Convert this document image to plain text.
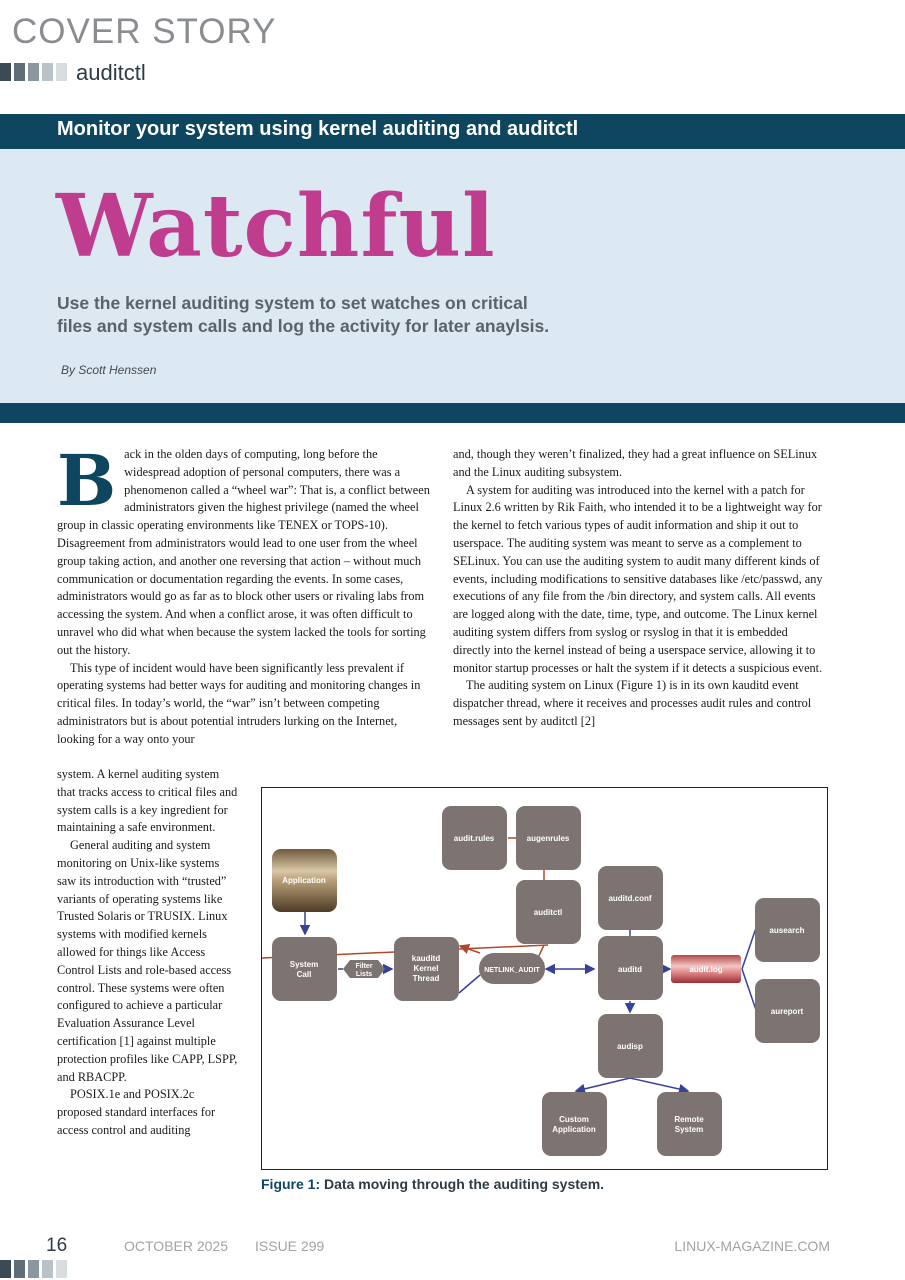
COVER STORY
auditctl
Monitor your system using kernel auditing and auditctl
Watchful
Use the kernel auditing system to set watches on critical files and system calls and log the activity for later anaylsis.
By Scott Henssen
B ack in the olden days of computing, long before the widespread adoption of personal computers, there was a phenomenon called a “wheel war”: That is, a conflict between administrators given the highest privilege (named the wheel group in classic operating environments like TENEX or TOPS-10). Disagreement from administrators would lead to one user from the wheel group taking action, and another one reversing that action – without much communication or documentation regarding the events. In some cases, administrators would go as far as to block other users or rivaling labs from accessing the system. And when a conflict arose, it was often difficult to unravel who did what when because the system lacked the tools for sorting out the history.

This type of incident would have been significantly less prevalent if operating systems had better ways for auditing and monitoring changes in critical files. In today’s world, the “war” isn’t between competing administrators but is about potential intruders lurking on the Internet, looking for a way onto your

system. A kernel auditing system that tracks access to critical files and system calls is a key ingredient for maintaining a safe environment.

General auditing and system monitoring on Unix-like systems saw its introduction with “trusted” variants of operating systems like Trusted Solaris or TRUSIX. Linux systems with modified kernels allowed for things like Access Control Lists and role-based access control. These systems were often configured to achieve a particular Evaluation Assurance Level certification [1] against multiple protection profiles like CAPP, LSPP, and RBACPP.

POSIX.1e and POSIX.2c proposed standard interfaces for access control and auditing

and, though they weren’t finalized, they had a great influence on SELinux and the Linux auditing subsystem.

A system for auditing was introduced into the kernel with a patch for Linux 2.6 written by Rik Faith, who intended it to be a lightweight way for the kernel to fetch various types of audit information and ship it out to userspace. The auditing system was meant to serve as a complement to SELinux. You can use the auditing system to audit many different kinds of events, including modifications to sensitive databases like /etc/passwd, any executions of any file from the /bin directory, and system calls. All events are logged along with the date, time, type, and outcome. The Linux kernel auditing system differs from syslog or rsyslog in that it is embedded directly into the kernel instead of being a userspace service, allowing it to monitor startup processes or halt the system if it detects a suspicious event.

The auditing system on Linux (Figure 1) is in its own kauditd event dispatcher thread, where it receives and processes audit rules and control messages sent by auditctl [2]

Application
System
Call
Filter
Lists
kauditd
Kernel
Thread
NETLINK_AUDIT
audit.rules	augenrules
auditctl
auditd.conf
auditd	audit.log
ausearch
aureport
audisp
Custom
Application
Remote
System
Figure 1: Data moving through the auditing system.
16	OCTOBER 2025 ISSUE 299	LINUX-MAGAZINE.COM
